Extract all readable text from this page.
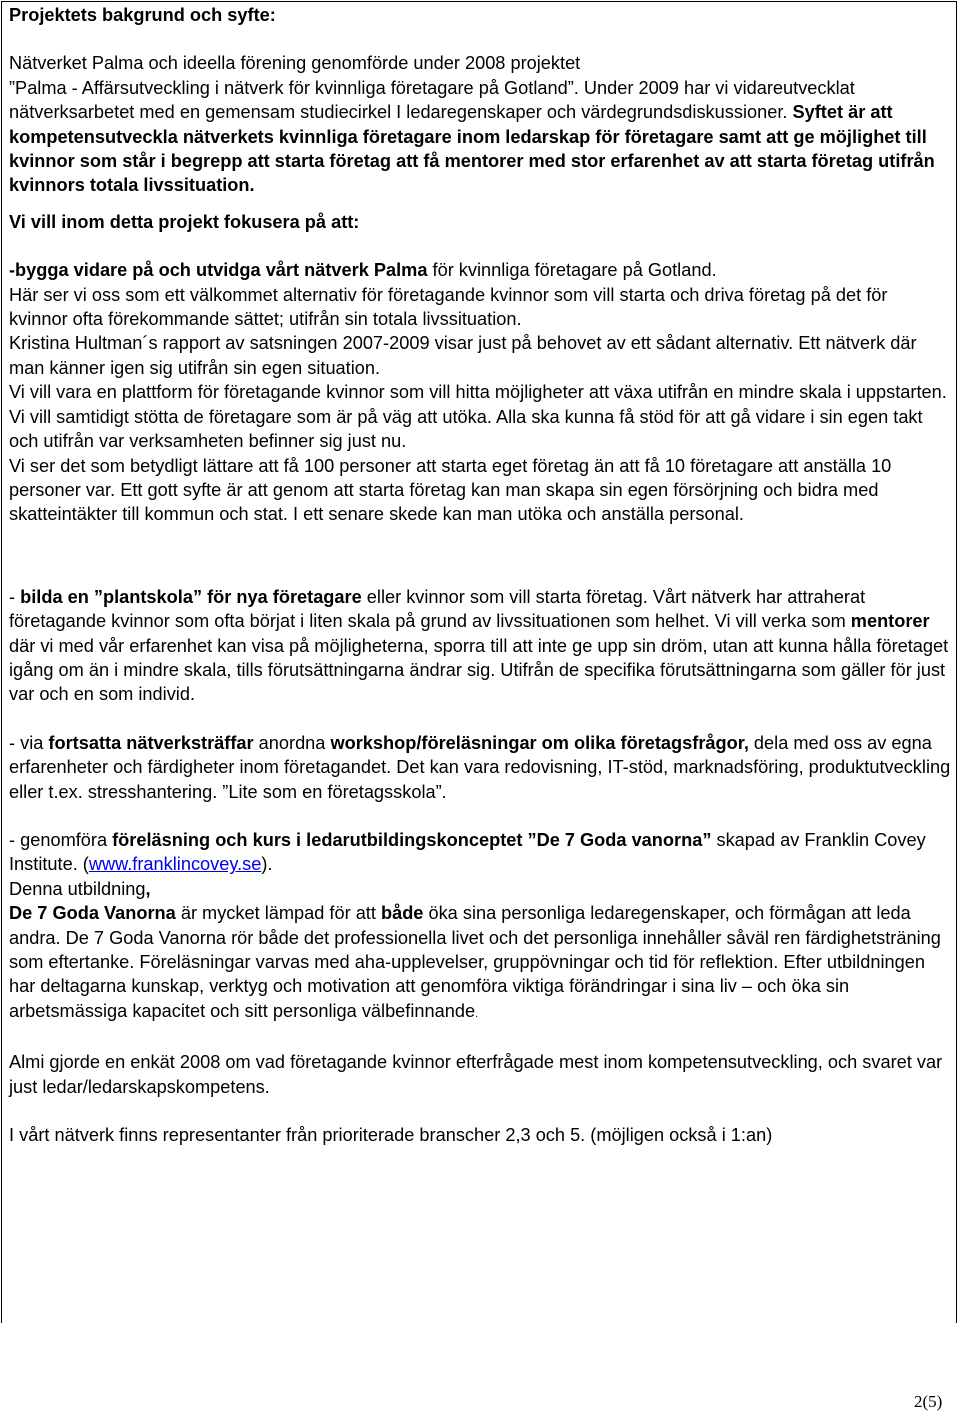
Projektets bakgrund och syfte:

Nätverket Palma och ideella förening genomförde under 2008 projektet
”Palma - Affärsutveckling i nätverk för kvinnliga företagare på Gotland”. Under 2009 har vi vidareutvecklat nätverksarbetet med en gemensam studiecirkel I ledaregenskaper och värdegrundsdiskussioner. Syftet är att kompetensutveckla nätverkets kvinnliga företagare inom ledarskap för företagare samt att ge möjlighet till kvinnor som står i begrepp att starta företag att få mentorer med stor erfarenhet av att starta företag utifrån kvinnors totala livssituation.

Vi vill inom detta projekt fokusera på att:

-bygga vidare på och utvidga vårt nätverk Palma för kvinnliga företagare på Gotland.
Här ser vi oss som ett välkommet alternativ för företagande kvinnor som vill starta och driva företag på det för kvinnor ofta förekommande sättet; utifrån sin totala livssituation.
Kristina Hultman´s rapport av satsningen 2007-2009 visar just på behovet av ett sådant alternativ. Ett nätverk där man känner igen sig utifrån sin egen situation.
Vi vill vara en plattform för företagande kvinnor som vill hitta möjligheter att växa utifrån en mindre skala i uppstarten. Vi vill samtidigt stötta de företagare som är på väg att utöka. Alla ska kunna få stöd för att gå vidare i sin egen takt och utifrån var verksamheten befinner sig just nu.
Vi ser det som betydligt lättare att få 100 personer att starta eget företag än att få 10 företagare att anställa 10 personer var. Ett gott syfte är att genom att starta företag kan man skapa sin egen försörjning och bidra med skatteintäkter till kommun och stat. I ett senare skede kan man utöka och anställa personal.

- bilda en ”plantskola” för nya företagare eller kvinnor som vill starta företag. Vårt nätverk har attraherat företagande kvinnor som ofta börjat i liten skala på grund av livssituationen som helhet. Vi vill verka som mentorer där vi med vår erfarenhet kan visa på möjligheterna, sporra till att inte ge upp sin dröm, utan att kunna hålla företaget igång om än i mindre skala, tills förutsättningarna ändrar sig. Utifrån de specifika förutsättningarna som gäller för just var och en som individ.

- via fortsatta nätverksträffar anordna workshop/föreläsningar om olika företagsfrågor, dela med oss av egna erfarenheter och färdigheter inom företagandet. Det kan vara redovisning, IT-stöd, marknadsföring, produktutveckling eller t.ex. stresshantering. ”Lite som en företagsskola”.

- genomföra föreläsning och kurs i ledarutbildingskonceptet ”De 7 Goda vanorna” skapad av Franklin Covey Institute. (www.franklincovey.se).
Denna utbildning,
De 7 Goda Vanorna är mycket lämpad för att både öka sina personliga ledaregenskaper, och förmågan att leda andra. De 7 Goda Vanorna rör både det professionella livet och det personliga innehåller såväl ren färdighetsträning som eftertanke. Föreläsningar varvas med aha-upplevelser, gruppövningar och tid för reflektion. Efter utbildningen har deltagarna kunskap, verktyg och motivation att genomföra viktiga förändringar i sina liv – och öka sin arbetsmässiga kapacitet och sitt personliga välbefinnande.

Almi gjorde en enkät 2008 om vad företagande kvinnor efterfrågade mest inom kompetensutveckling, och svaret var just ledar/ledarskapskompetens.

I vårt nätverk finns representanter från prioriterade branscher 2,3 och 5. (möjligen också i 1:an)

2(5)
